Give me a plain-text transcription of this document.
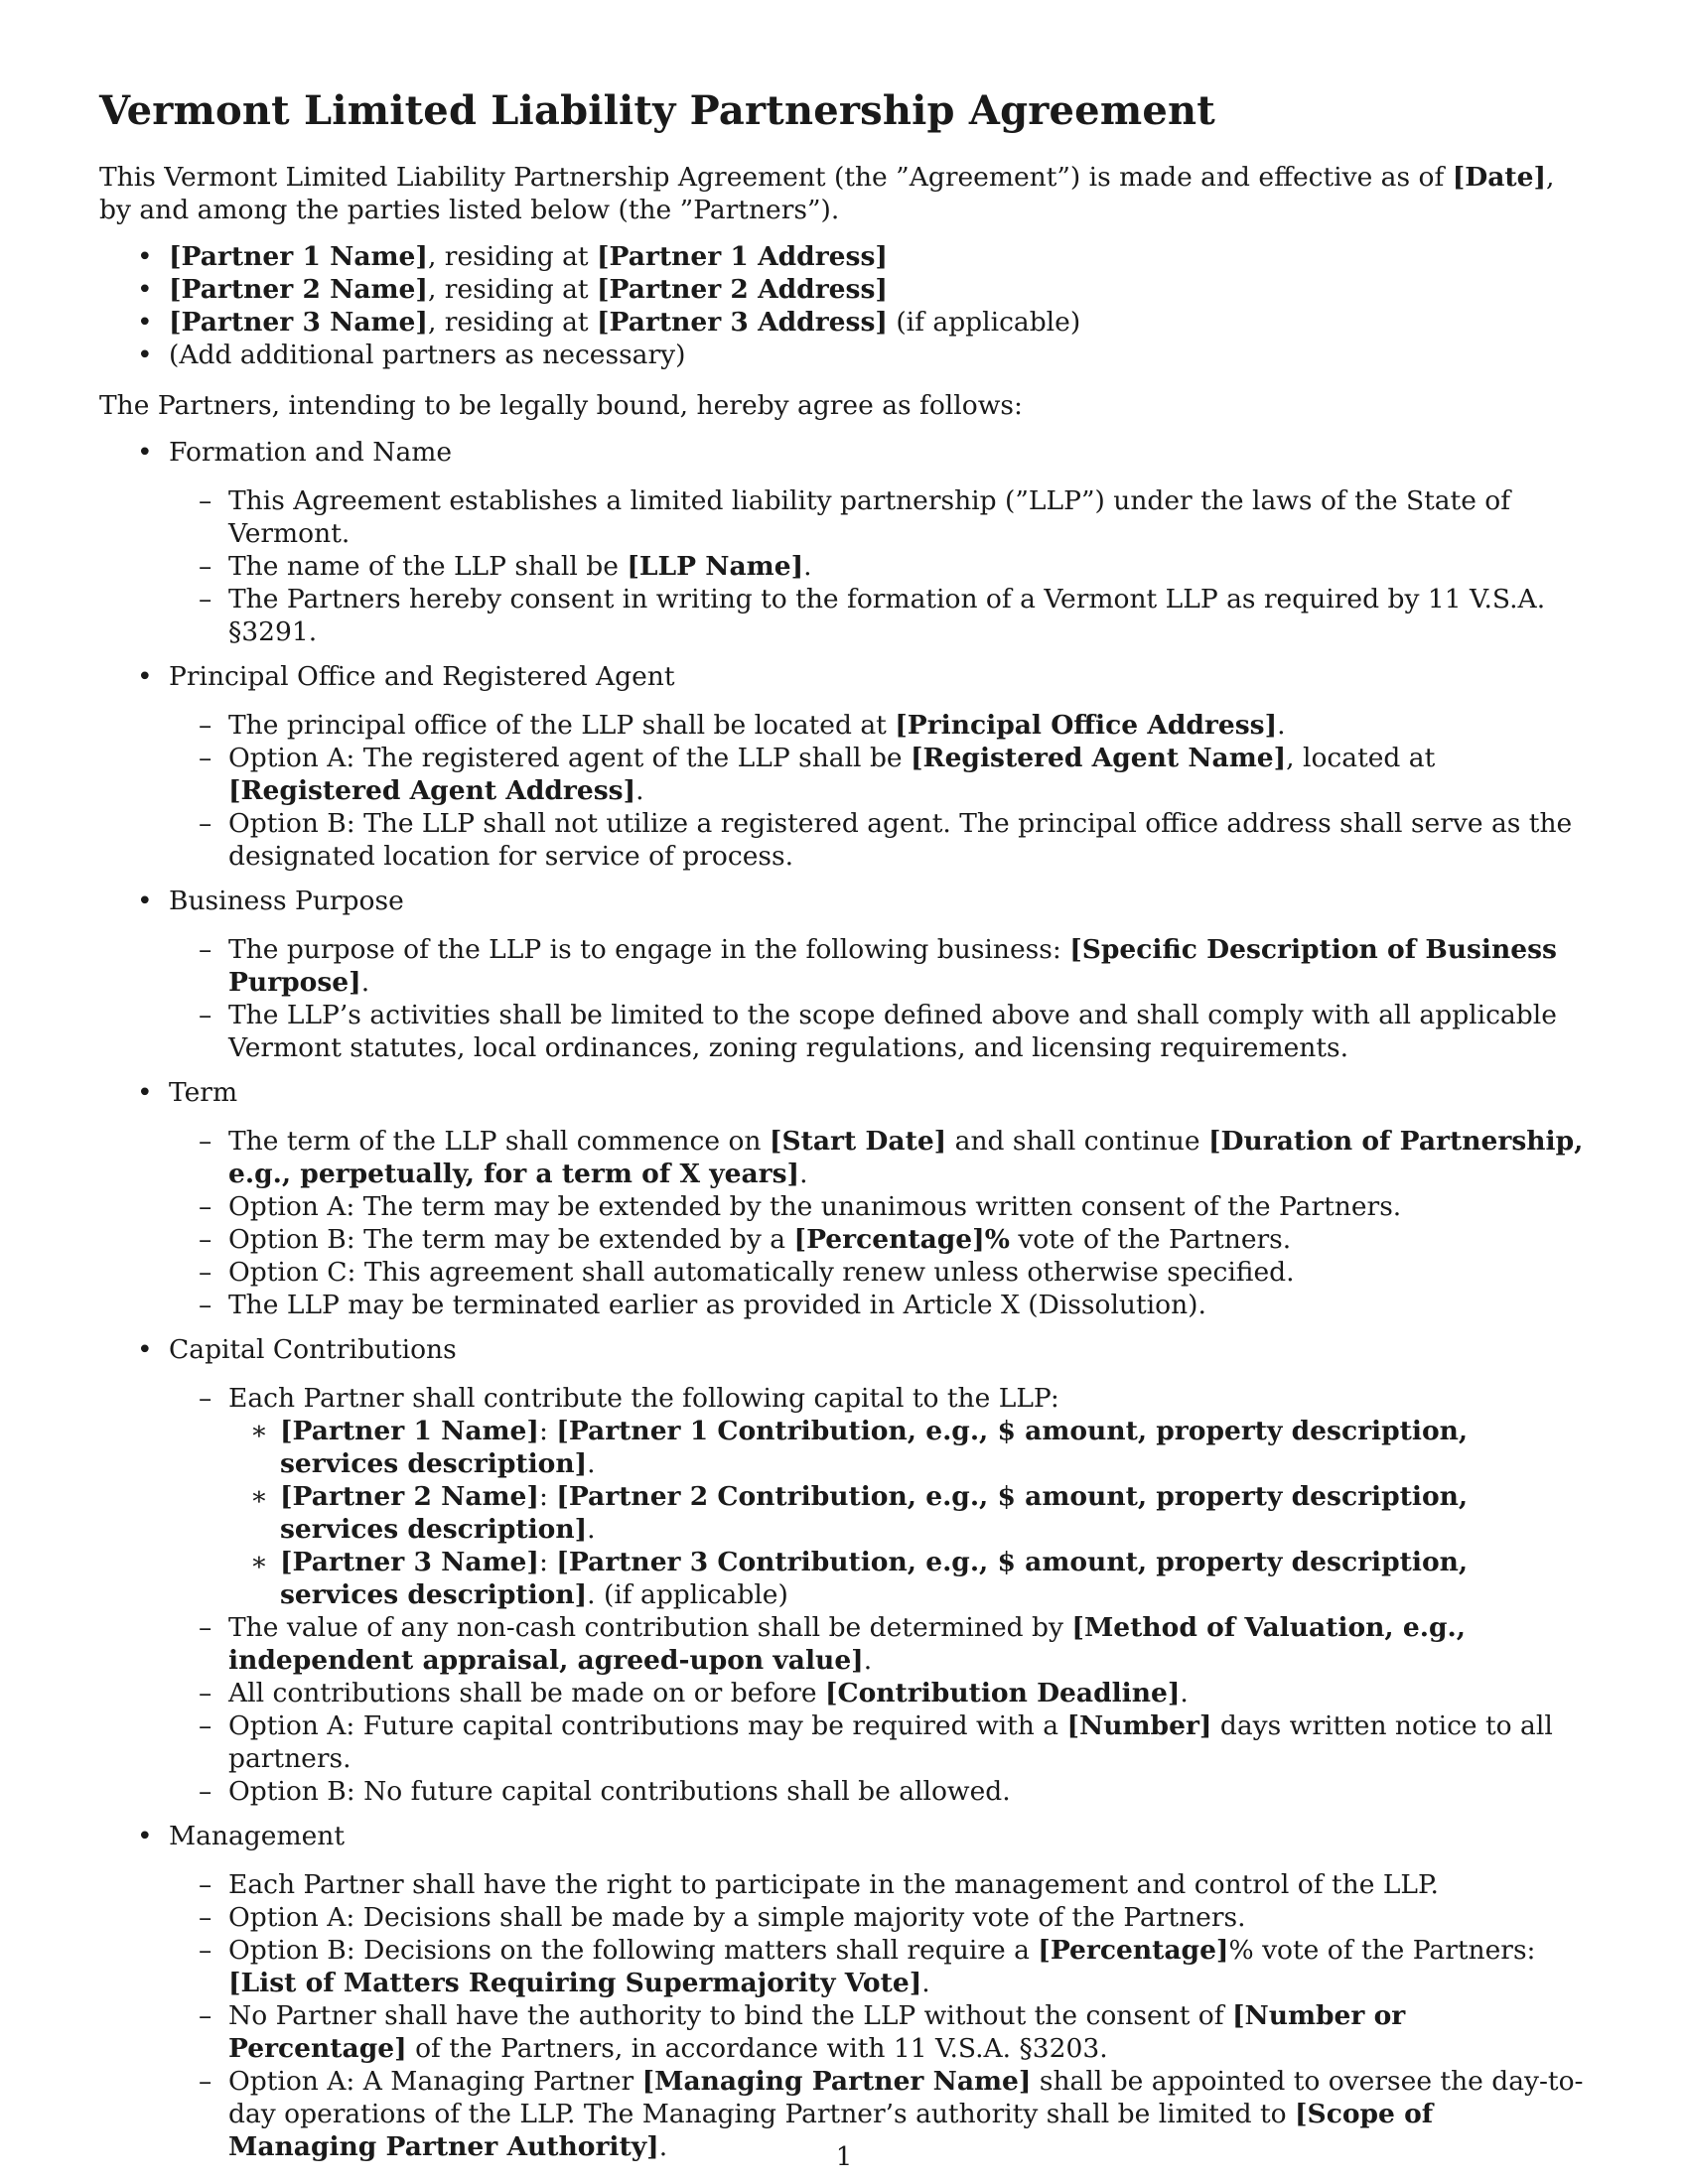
Vermont Limited Liability Partnership Agreement

This Vermont Limited Liability Partnership Agreement (the ”Agreement”) is made and effective as of [Date], by and among the parties listed below (the ”Partners”).

• [Partner 1 Name], residing at [Partner 1 Address]
• [Partner 2 Name], residing at [Partner 2 Address]
• [Partner 3 Name], residing at [Partner 3 Address] (if applicable)
• (Add additional partners as necessary)

The Partners, intending to be legally bound, hereby agree as follows:

• Formation and Name
– This Agreement establishes a limited liability partnership (”LLP”) under the laws of the State of Vermont.
– The name of the LLP shall be [LLP Name].
– The Partners hereby consent in writing to the formation of a Vermont LLP as required by 11 V.S.A. §3291.
• Principal Office and Registered Agent
– The principal office of the LLP shall be located at [Principal Office Address].
– Option A: The registered agent of the LLP shall be [Registered Agent Name], located at [Registered Agent Address].
– Option B: The LLP shall not utilize a registered agent. The principal office address shall serve as the designated location for service of process.
• Business Purpose
– The purpose of the LLP is to engage in the following business: [Specific Description of Business Purpose].
– The LLP’s activities shall be limited to the scope defined above and shall comply with all applicable Vermont statutes, local ordinances, zoning regulations, and licensing requirements.
• Term
– The term of the LLP shall commence on [Start Date] and shall continue [Duration of Partnership, e.g., perpetually, for a term of X years].
– Option A: The term may be extended by the unanimous written consent of the Partners.
– Option B: The term may be extended by a [Percentage]% vote of the Partners.
– Option C: This agreement shall automatically renew unless otherwise specified.
– The LLP may be terminated earlier as provided in Article X (Dissolution).
• Capital Contributions
– Each Partner shall contribute the following capital to the LLP:
∗ [Partner 1 Name]: [Partner 1 Contribution, e.g., $ amount, property description, services description].
∗ [Partner 2 Name]: [Partner 2 Contribution, e.g., $ amount, property description, services description].
∗ [Partner 3 Name]: [Partner 3 Contribution, e.g., $ amount, property description, services description]. (if applicable)
– The value of any non-cash contribution shall be determined by [Method of Valuation, e.g., independent appraisal, agreed-upon value].
– All contributions shall be made on or before [Contribution Deadline].
– Option A: Future capital contributions may be required with a [Number] days written notice to all partners.
– Option B: No future capital contributions shall be allowed.
• Management
– Each Partner shall have the right to participate in the management and control of the LLP.
– Option A: Decisions shall be made by a simple majority vote of the Partners.
– Option B: Decisions on the following matters shall require a [Percentage]% vote of the Partners: [List of Matters Requiring Supermajority Vote].
– No Partner shall have the authority to bind the LLP without the consent of [Number or Percentage] of the Partners, in accordance with 11 V.S.A. §3203.
– Option A: A Managing Partner [Managing Partner Name] shall be appointed to oversee the day-to-day operations of the LLP. The Managing Partner’s authority shall be limited to [Scope of Managing Partner Authority].	1
